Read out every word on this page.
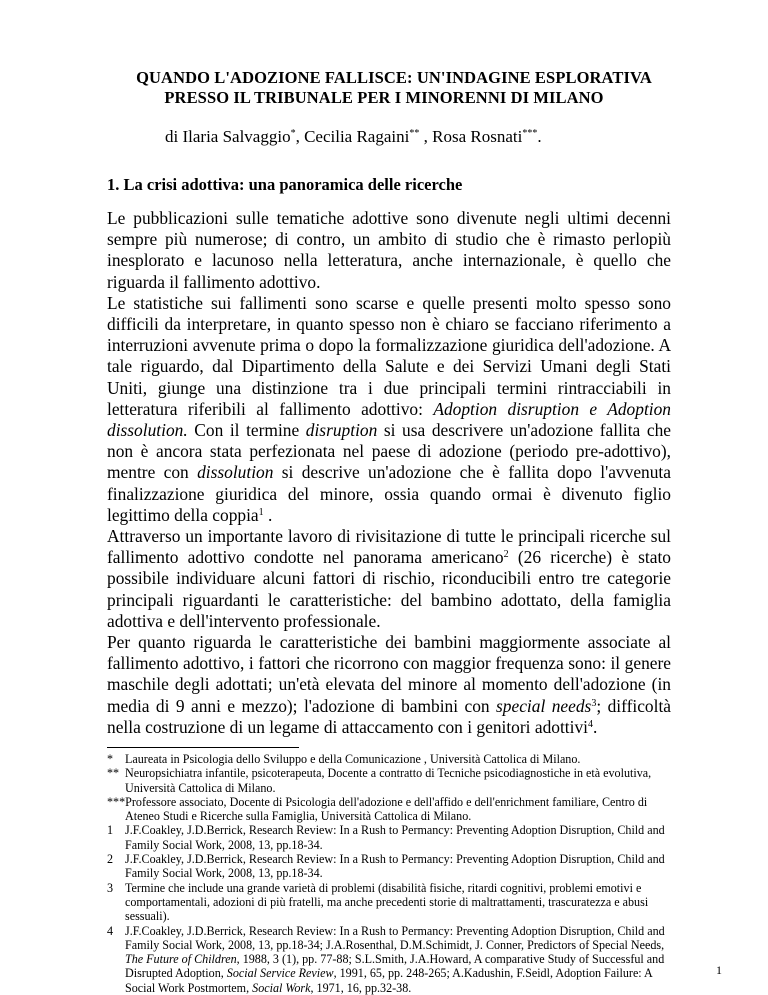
QUANDO L'ADOZIONE FALLISCE: UN'INDAGINE ESPLORATIVA
PRESSO IL TRIBUNALE PER I MINORENNI DI MILANO
di Ilaria Salvaggio*, Cecilia Ragaini** , Rosa Rosnati***.
1. La crisi adottiva: una panoramica delle ricerche

Le pubblicazioni sulle tematiche adottive sono divenute negli ultimi decenni sempre più numerose; di contro, un ambito di studio che è rimasto perlopiù inesplorato e lacunoso nella letteratura, anche internazionale, è quello che riguarda il fallimento adottivo.

Le statistiche sui fallimenti sono scarse e quelle presenti molto spesso sono difficili da interpretare, in quanto spesso non è chiaro se facciano riferimento a interruzioni avvenute prima o dopo la formalizzazione giuridica dell'adozione. A tale riguardo, dal Dipartimento della Salute e dei Servizi Umani degli Stati Uniti, giunge una distinzione tra i due principali termini rintracciabili in letteratura riferibili al fallimento adottivo: Adoption disruption e Adoption dissolution. Con il termine disruption si usa descrivere un'adozione fallita che non è ancora stata perfezionata nel paese di adozione (periodo pre-adottivo), mentre con dissolution si descrive un'adozione che è fallita dopo l'avvenuta finalizzazione giuridica del minore, ossia quando ormai è divenuto figlio legittimo della coppia$^1$ .

Attraverso un importante lavoro di rivisitazione di tutte le principali ricerche sul fallimento adottivo condotte nel panorama americano$^2$ (26 ricerche) è stato possibile individuare alcuni fattori di rischio, riconducibili entro tre categorie principali riguardanti le caratteristiche: del bambino adottato, della famiglia adottiva e dell'intervento professionale.

Per quanto riguarda le caratteristiche dei bambini maggiormente associate al fallimento adottivo, i fattori che ricorrono con maggior frequenza sono: il genere maschile degli adottati; un'età elevata del minore al momento dell'adozione (in media di 9 anni e mezzo); l'adozione di bambini con special needs$^3$; difficoltà nella costruzione di un legame di attaccamento con i genitori adottivi$^4$.

* Laureata in Psicologia dello Sviluppo e della Comunicazione , Università Cattolica di Milano.
** Neuropsichiatra infantile, psicoterapeuta, Docente a contratto di Tecniche psicodiagnostiche in età evolutiva, Università Cattolica di Milano.
***Professore associato, Docente di Psicologia dell'adozione e dell'affido e dell'enrichment familiare, Centro di Ateneo Studi e Ricerche sulla Famiglia, Università Cattolica di Milano.
1 J.F.Coakley, J.D.Berrick, Research Review: In a Rush to Permancy: Preventing Adoption Disruption, Child and Family Social Work, 2008, 13, pp.18-34.
2 J.F.Coakley, J.D.Berrick, Research Review: In a Rush to Permancy: Preventing Adoption Disruption, Child and Family Social Work, 2008, 13, pp.18-34.
3 Termine che include una grande varietà di problemi (disabilità fisiche, ritardi cognitivi, problemi emotivi e comportamentali, adozioni di più fratelli, ma anche precedenti storie di maltrattamenti, trascuratezza e abusi sessuali).
4 J.F.Coakley, J.D.Berrick, Research Review: In a Rush to Permancy: Preventing Adoption Disruption, Child and Family Social Work, 2008, 13, pp.18-34; J.A.Rosenthal, D.M.Schimidt, J. Conner, Predictors of Special Needs, The Future of Children, 1988, 3 (1), pp. 77-88; S.L.Smith, J.A.Howard, A comparative Study of Successful and Disrupted Adoption, Social Service Review, 1991, 65, pp. 248-265; A.Kadushin, F.Seidl, Adoption Failure: A Social Work Postmortem, Social Work, 1971, 16, pp.32-38.
1
